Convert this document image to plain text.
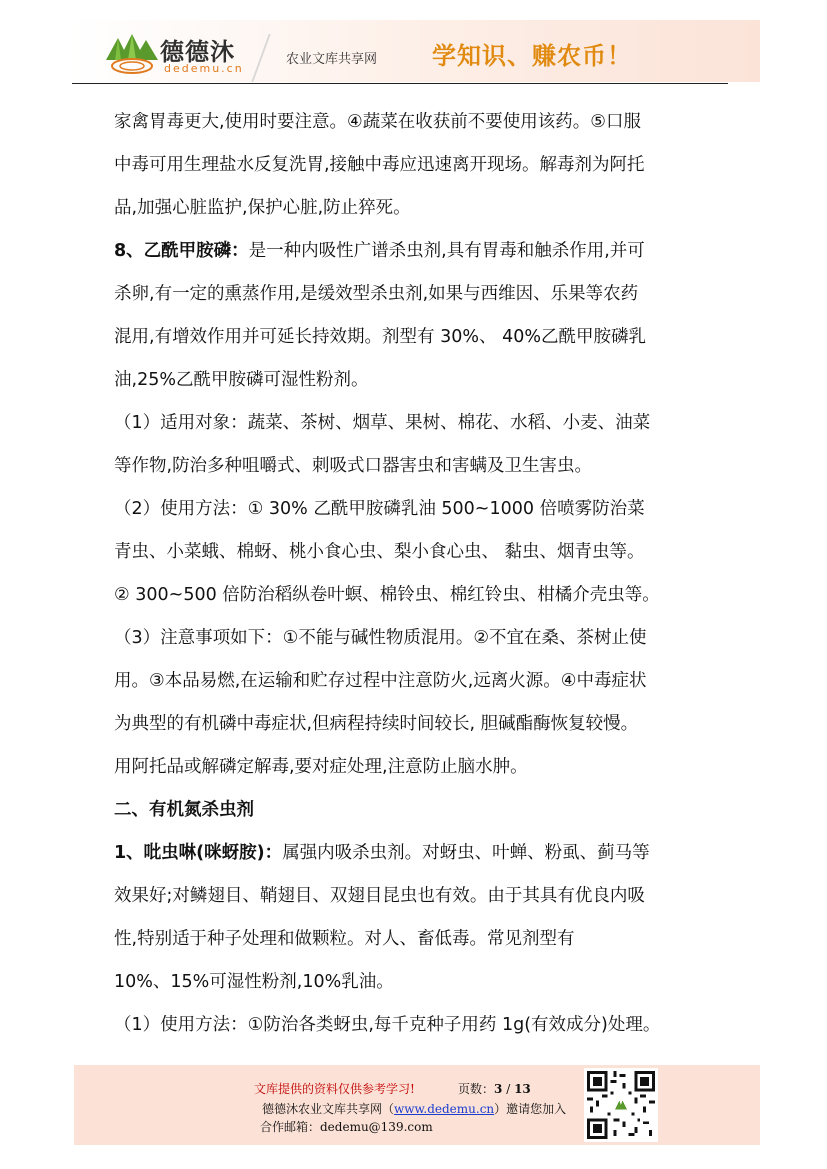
德德沐
dedemu.cn
农业文库共享网 学知识、赚农币！
家禽胃毒更大,使用时要注意。④蔬菜在收获前不要使用该药。⑤口服
中毒可用生理盐水反复洗胃,接触中毒应迅速离开现场。解毒剂为阿托
品,加强心脏监护,保护心脏,防止猝死。
8、乙酰甲胺磷：是一种内吸性广谱杀虫剂,具有胃毒和触杀作用,并可
杀卵,有一定的熏蒸作用,是缓效型杀虫剂,如果与西维因、乐果等农药
混用,有增效作用并可延长持效期。剂型有 30%、 40%乙酰甲胺磷乳
油,25%乙酰甲胺磷可湿性粉剂。
（1）适用对象：蔬菜、茶树、烟草、果树、棉花、水稻、小麦、油菜
等作物,防治多种咀嚼式、刺吸式口器害虫和害螨及卫生害虫。
（2）使用方法：① 30% 乙酰甲胺磷乳油 500~1000 倍喷雾防治菜
青虫、小菜蛾、棉蚜、桃小食心虫、梨小食心虫、 黏虫、烟青虫等。
② 300~500 倍防治稻纵卷叶螟、棉铃虫、棉红铃虫、柑橘介壳虫等。
（3）注意事项如下：①不能与碱性物质混用。②不宜在桑、茶树止使
用。③本品易燃,在运输和贮存过程中注意防火,远离火源。④中毒症状
为典型的有机磷中毒症状,但病程持续时间较长, 胆碱酯酶恢复较慢。
用阿托品或解磷定解毒,要对症处理,注意防止脑水肿。
二、有机氮杀虫剂
1、吡虫啉(咪蚜胺)：属强内吸杀虫剂。对蚜虫、叶蝉、粉虱、蓟马等
效果好;对鳞翅目、鞘翅目、双翅目昆虫也有效。由于其具有优良内吸
性,特别适于种子处理和做颗粒。对人、畜低毒。常见剂型有
10%、15%可湿性粉剂,10%乳油。
（1）使用方法：①防治各类蚜虫,每千克种子用药 1g(有效成分)处理。
文库提供的资料仅供参考学习!	页数：3 / 13
德德沐农业文库共享网（www.dedemu.cn）邀请您加入
合作邮箱：dedemu@139.com
